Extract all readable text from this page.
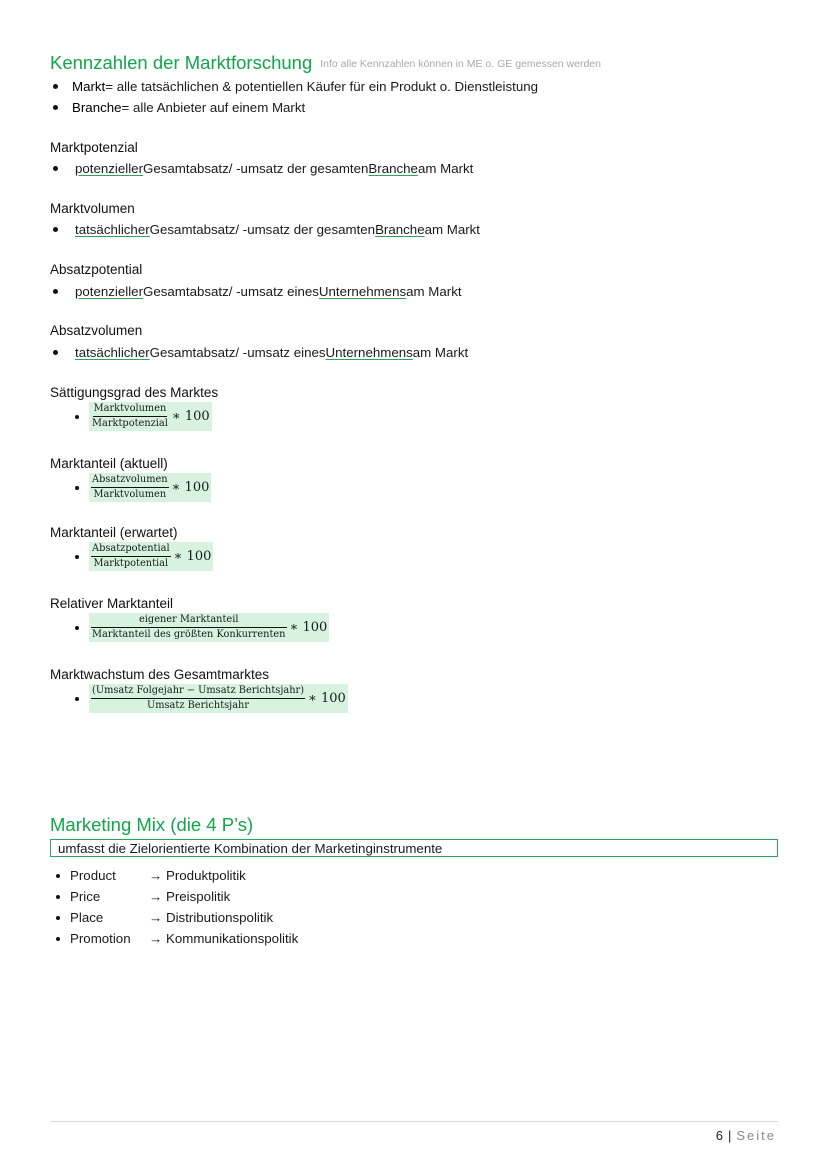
Kennzahlen der Marktforschung Info alle Kennzahlen können in ME o. GE gemessen werden
Markt = alle tatsächlichen & potentiellen Käufer für ein Produkt o. Dienstleistung
Branche = alle Anbieter auf einem Markt
Marktpotenzial
potenzieller Gesamtabsatz/ -umsatz der gesamten Branche am Markt
Marktvolumen
tatsächlicher Gesamtabsatz/ -umsatz der gesamten Branche am Markt
Absatzpotential
potenzieller Gesamtabsatz/ -umsatz eines Unternehmens am Markt
Absatzvolumen
tatsächlicher Gesamtabsatz/ -umsatz eines Unternehmens am Markt
Sättigungsgrad des Marktes
$\frac{\text{Marktvolumen}}{\text{Marktpotenzial}}$ ∗ 100
Marktanteil (aktuell)
$\frac{\text{Absatzvolumen}}{\text{Marktvolumen}}$ ∗ 100
Marktanteil (erwartet)
$\frac{\text{Absatzpotential}}{\text{Marktpotential}}$ ∗ 100
Relativer Marktanteil
$\frac{\text{eigener Marktanteil}}{\text{Marktanteil des größten Konkurrenten}}$ ∗ 100
Marktwachstum des Gesamtmarktes
$\frac{\text{(Umsatz Folgejahr − Umsatz Berichtsjahr)}}{\text{Umsatz Berichtsjahr}}$ ∗ 100
Marketing Mix (die 4 P’s)
umfasst die Zielorientierte Kombination der Marketinginstrumente
Product	→ Produktpolitik
Price	→ Preispolitik
Place	→ Distributionspolitik
Promotion	→ Kommunikationspolitik
6 | Seite
